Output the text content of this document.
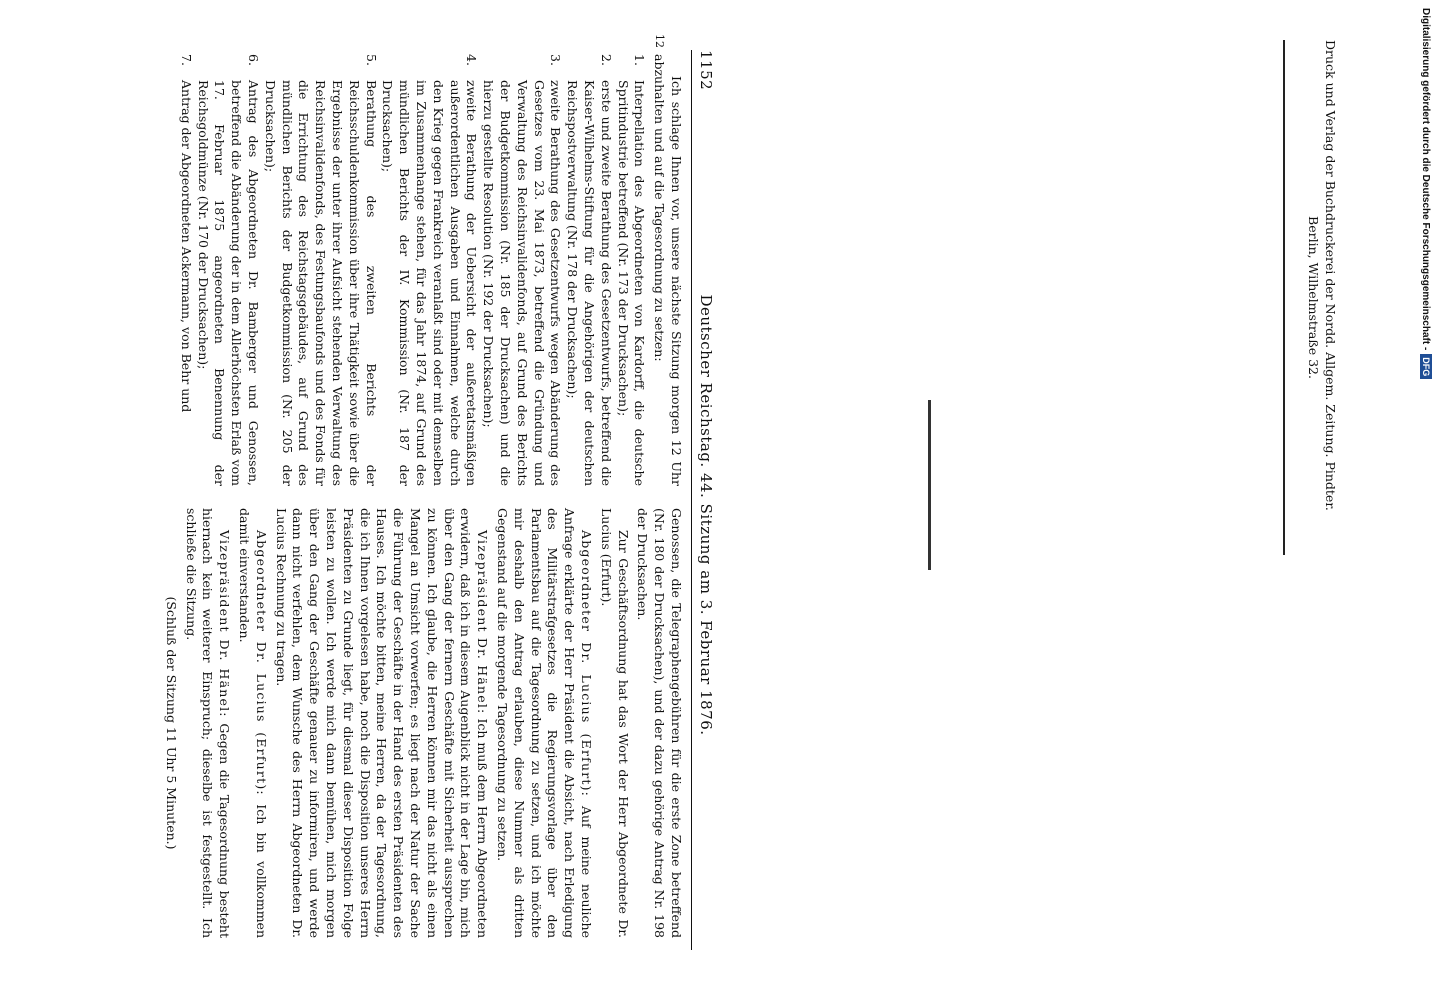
1152
Deutscher Reichstag. 44. Sitzung am 3. Februar 1876.
12

Ich schlage Ihnen vor, unsere nächste Sitzung morgen 12 Uhr abzuhalten und auf die Tagesordnung zu setzen:

1.
Interpellation des Abgeordneten von Kardorff, die deutsche Spritindustrie betreffend (Nr. 173 der Drucksachen);
2.
erste und zweite Berathung des Gesetzentwurfs, betreffend die Kaiser-Wilhelms-Stiftung für die Angehörigen der deutschen Reichspostverwaltung (Nr. 178 der Drucksachen);
3.
zweite Berathung des Gesetzentwurfs wegen Abänderung des Gesetzes vom 23. Mai 1873, betreffend die Gründung und Verwaltung des Reichsinvalidenfonds, auf Grund des Berichts der Budgetkommission (Nr. 185 der Drucksachen) und die hierzu gestellte Resolution (Nr. 192 der Drucksachen);
4.
zweite Berathung der Uebersicht der außeretatsmäßigen außerordentlichen Ausgaben und Einnahmen, welche durch den Krieg gegen Frankreich veranlaßt sind oder mit demselben im Zusammenhange stehen, für das Jahr 1874, auf Grund des mündlichen Berichts der IV. Kommission (Nr. 187 der Drucksachen);
5.
Berathung des zweiten Berichts der Reichsschuldenkommission über ihre Thätigkeit sowie über die Ergebnisse der unter ihrer Aufsicht stehenden Verwaltung des Reichsinvalidenfonds, des Festungsbaufonds und des Fonds für die Errichtung des Reichstagsgebäudes, auf Grund des mündlichen Berichts der Budgetkommission (Nr. 205 der Drucksachen);
6.
Antrag des Abgeordneten Dr. Bamberger und Genossen, betreffend die Abänderung der in dem Allerhöchsten Erlaß vom 17. Februar 1875 angeordneten Benennung der Reichsgoldmünze (Nr. 170 der Drucksachen);
7.
Antrag der Abgeordneten Ackermann, von Behr und

Genossen, die Telegraphengebühren für die erste Zone betreffend (Nr. 180 der Drucksachen), und der dazu gehörige Antrag Nr. 198 der Drucksachen.

Zur Geschäftsordnung hat das Wort der Herr Abgeordnete Dr. Lucius (Erfurt).

Abgeordneter Dr. Lucius (Erfurt): Auf meine neuliche Anfrage erklärte der Herr Präsident die Absicht, nach Erledigung des Militärstrafgesetzes die Regierungsvorlage über den Parlamentsbau auf die Tagesordnung zu setzen, und ich möchte mir deshalb den Antrag erlauben, diese Nummer als dritten Gegenstand auf die morgende Tagesordnung zu setzen.

Vizepräsident Dr. Hänel: Ich muß dem Herrn Abgeordneten erwidern, daß ich in diesem Augenblick nicht in der Lage bin, mich über den Gang der fernern Geschäfte mit Sicherheit aussprechen zu können. Ich glaube, die Herren können mir das nicht als einen Mangel an Umsicht vorwerfen; es liegt nach der Natur der Sache die Führung der Geschäfte in der Hand des ersten Präsidenten des Hauses. Ich möchte bitten, meine Herren, da der Tagesordnung, die ich Ihnen vorgelesen habe, noch die Disposition unseres Herrn Präsidenten zu Grunde liegt, für diesmal dieser Disposition Folge leisten zu wollen. Ich werde mich dann bemühen, mich morgen über den Gang der Geschäfte genauer zu informiren, und werde dann nicht verfehlen, dem Wunsche des Herrn Abgeordneten Dr. Lucius Rechnung zu tragen.

Abgeordneter Dr. Lucius (Erfurt): Ich bin vollkommen damit einverstanden.

Vizepräsident Dr. Hänel: Gegen die Tagesordnung besteht hiernach kein weiterer Einspruch; dieselbe ist festgestellt. Ich schließe die Sitzung.

(Schluß der Sitzung 11 Uhr 5 Minuten.)

Druck und Verlag der Buchdruckerei der Nordd. Allgem. Zeitung. Pindter.
Berlin, Wilhelmstraße 32.	Digitalisierung gefördert durch die Deutsche Forschungsgemeinschaft -
DFG
